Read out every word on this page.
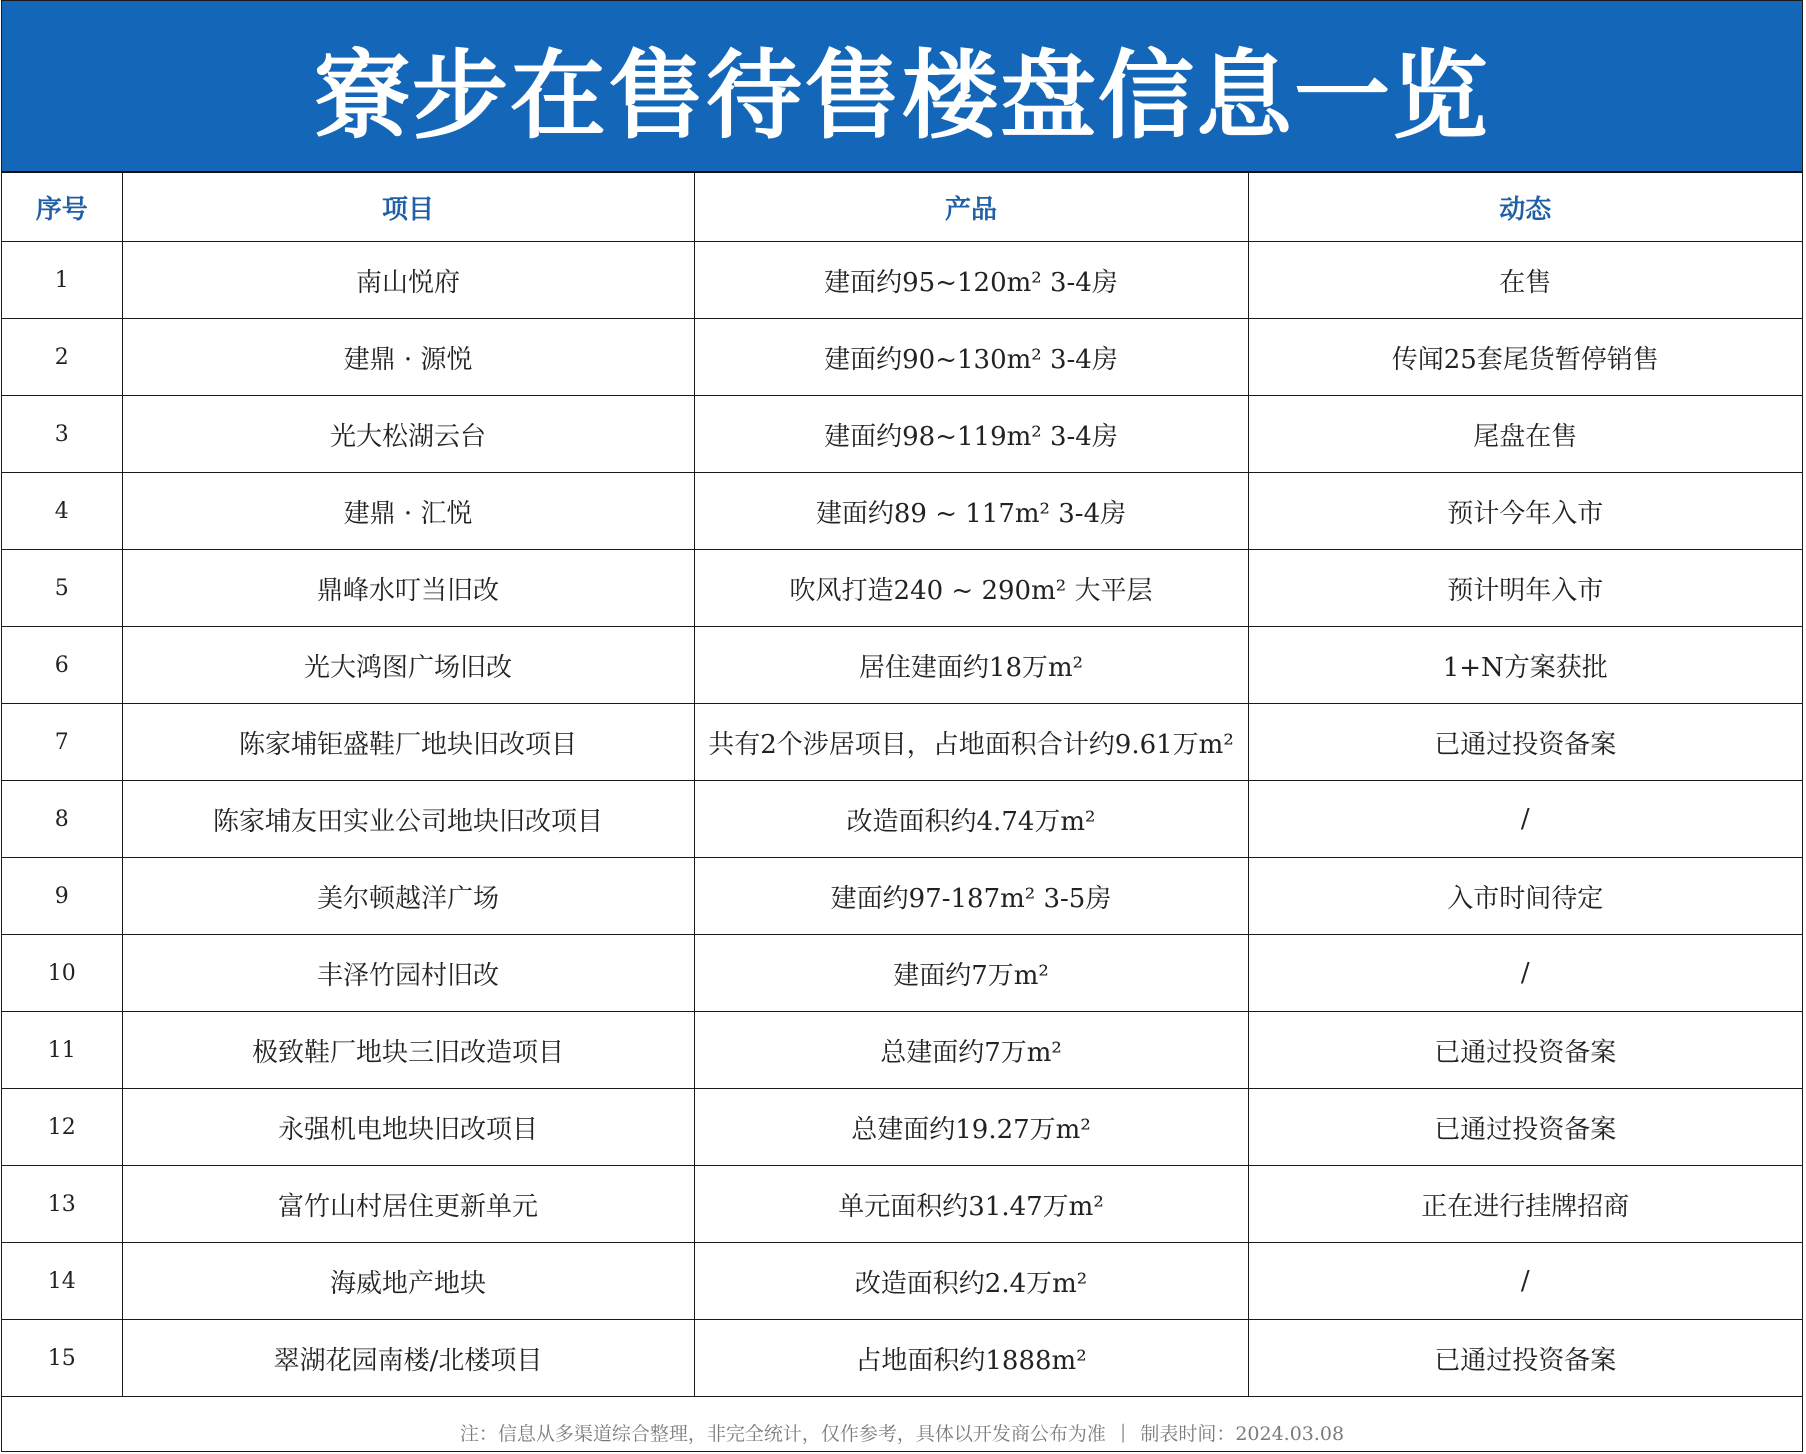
寮步在售待售楼盘信息一览
序号	项目	产品	动态
1	南山悦府	建面约95~120m² 3-4房	在售
2	建鼎 · 源悦	建面约90~130m² 3-4房	传闻25套尾货暂停销售
3	光大松湖云台	建面约98~119m² 3-4房	尾盘在售
4	建鼎 · 汇悦	建面约89 ~ 117m² 3-4房	预计今年入市
5	鼎峰水叮当旧改	吹风打造240 ~ 290m² 大平层	预计明年入市
6	光大鸿图广场旧改	居住建面约18万m²	1+N方案获批
7	陈家埔钜盛鞋厂地块旧改项目	共有2个涉居项目，占地面积合计约9.61万m²	已通过投资备案
8	陈家埔友田实业公司地块旧改项目	改造面积约4.74万m²	/
9	美尔顿越洋广场	建面约97-187m² 3-5房	入市时间待定
10	丰泽竹园村旧改	建面约7万m²	/
11	极致鞋厂地块三旧改造项目	总建面约7万m²	已通过投资备案
12	永强机电地块旧改项目	总建面约19.27万m²	已通过投资备案
13	富竹山村居住更新单元	单元面积约31.47万m²	正在进行挂牌招商
14	海威地产地块	改造面积约2.4万m²	/
15	翠湖花园南楼/北楼项目	占地面积约1888m²	已通过投资备案
注：信息从多渠道综合整理，非完全统计，仅作参考，具体以开发商公布为准 | 制表时间：2024.03.08
